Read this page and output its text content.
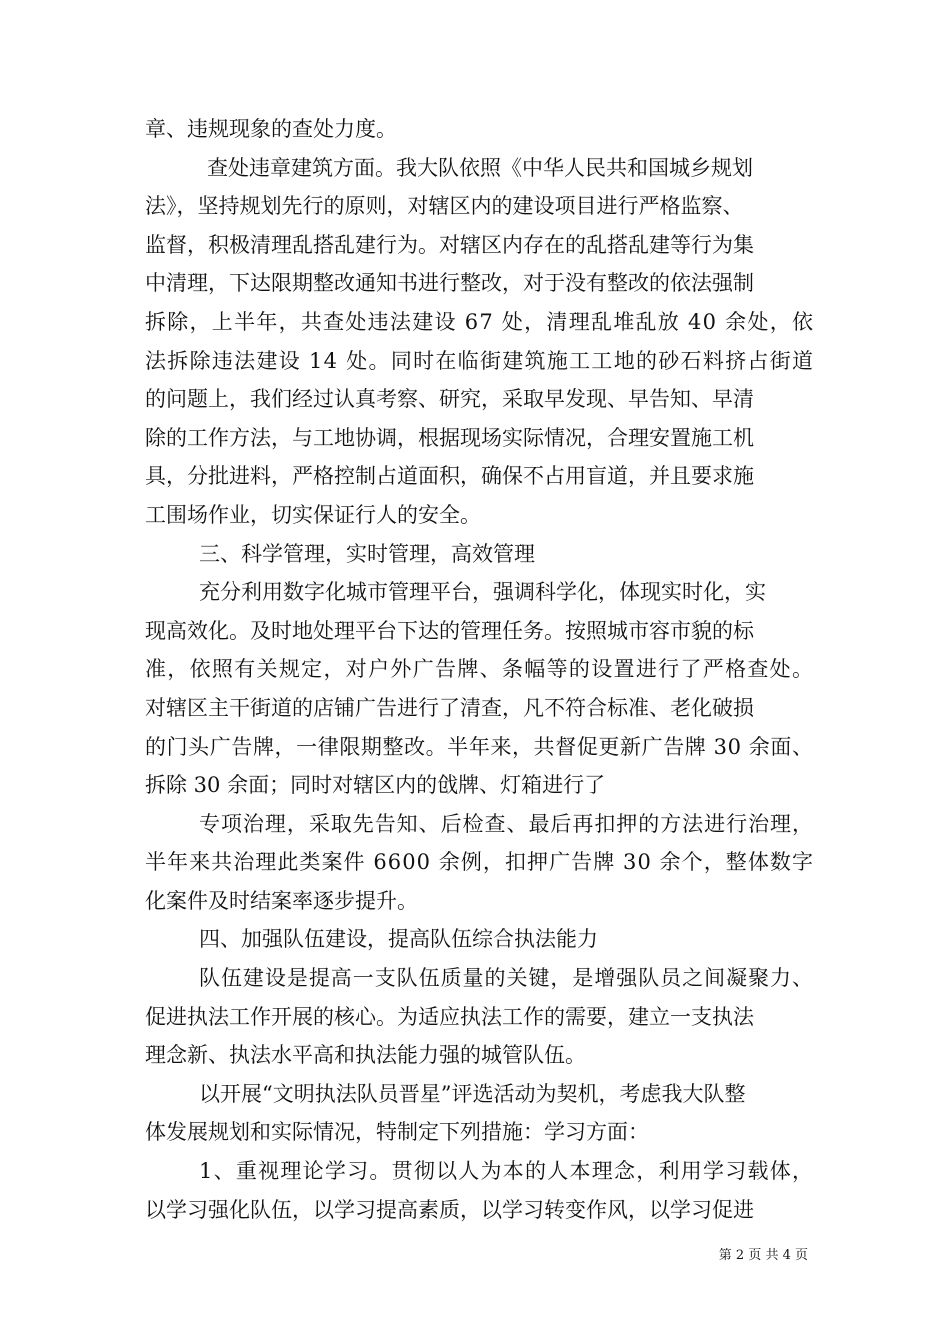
章、违规现象的查处力度。
查处违章建筑方面。我大队依照《中华人民共和国城乡规划
法》，坚持规划先行的原则，对辖区内的建设项目进行严格监察、
监督，积极清理乱搭乱建行为。对辖区内存在的乱搭乱建等行为集
中清理，下达限期整改通知书进行整改，对于没有整改的依法强制
拆除，上半年，共查处违法建设 67 处，清理乱堆乱放 40 余处，依
法拆除违法建设 14 处。同时在临街建筑施工工地的砂石料挤占街道
的问题上，我们经过认真考察、研究，采取早发现、早告知、早清
除的工作方法，与工地协调，根据现场实际情况，合理安置施工机
具，分批进料，严格控制占道面积，确保不占用盲道，并且要求施
工围场作业，切实保证行人的安全。
三、科学管理，实时管理，高效管理
充分利用数字化城市管理平台，强调科学化，体现实时化，实
现高效化。及时地处理平台下达的管理任务。按照城市容市貌的标
准，依照有关规定，对户外广告牌、条幅等的设置进行了严格查处。
对辖区主干街道的店铺广告进行了清查，凡不符合标准、老化破损
的门头广告牌，一律限期整改。半年来，共督促更新广告牌 30 余面、
拆除 30 余面；同时对辖区内的戗牌、灯箱进行了
专项治理，采取先告知、后检查、最后再扣押的方法进行治理，
半年来共治理此类案件 6600 余例，扣押广告牌 30 余个，整体数字
化案件及时结案率逐步提升。
四、加强队伍建设，提高队伍综合执法能力
队伍建设是提高一支队伍质量的关键，是增强队员之间凝聚力、
促进执法工作开展的核心。为适应执法工作的需要，建立一支执法
理念新、执法水平高和执法能力强的城管队伍。
以开展“文明执法队员晋星”评选活动为契机，考虑我大队整
体发展规划和实际情况，特制定下列措施：学习方面：
1、重视理论学习。贯彻以人为本的人本理念，利用学习载体，
以学习强化队伍，以学习提高素质，以学习转变作风，以学习促进
第 2 页 共 4 页
